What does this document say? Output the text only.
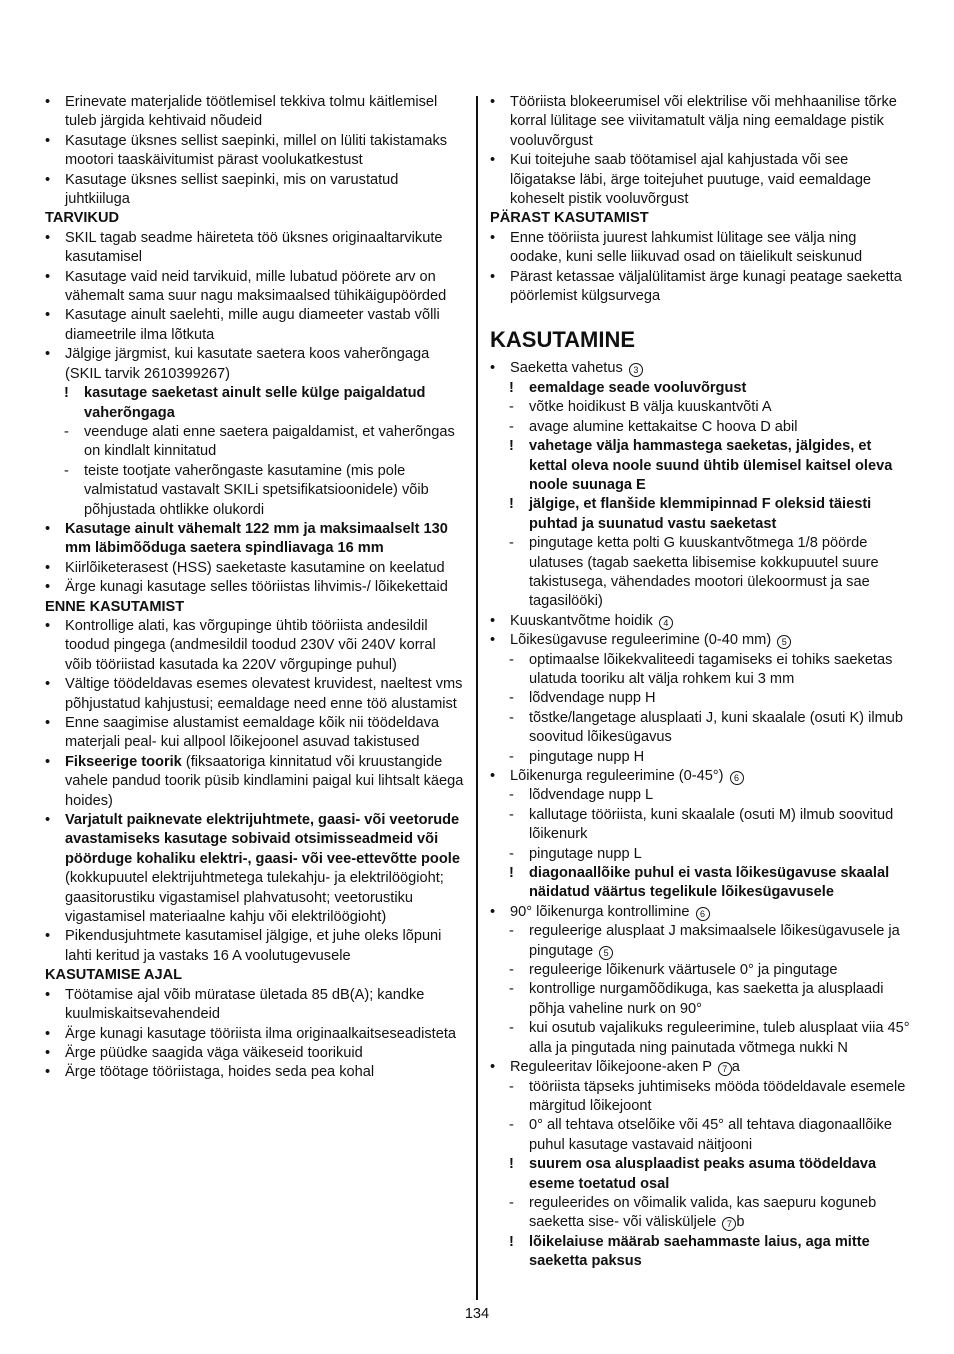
• Erinevate materjalide töötlemisel tekkiva tolmu käitlemisel tuleb järgida kehtivaid nõudeid
• Kasutage üksnes sellist saepinki, millel on lüliti takistamaks mootori taaskäivitumist pärast voolukatkestust
• Kasutage üksnes sellist saepinki, mis on varustatud juhtkiiluga
TARVIKUD
• SKIL tagab seadme häireteta töö üksnes originaaltarvikute kasutamisel
• Kasutage vaid neid tarvikuid, mille lubatud pöörete arv on vähemalt sama suur nagu maksimaalsed tühikäigupöörded
• Kasutage ainult saelehti, mille augu diameeter vastab võlli diameetrile ilma lõtkuta
• Jälgige järgmist, kui kasutate saetera koos vaherõngaga (SKIL tarvik 2610399267)
! kasutage saeketast ainult selle külge paigaldatud vaherõngaga
- veenduge alati enne saetera paigaldamist, et vaherõngas on kindlalt kinnitatud
- teiste tootjate vaherõngaste kasutamine (mis pole valmistatud vastavalt SKILi spetsifikatsioonidele) võib põhjustada ohtlikke olukordi
• Kasutage ainult vähemalt 122 mm ja maksimaalselt 130 mm läbimõõduga saetera spindliavaga 16 mm
• Kiirlõiketerasest (HSS) saeketaste kasutamine on keelatud
• Ärge kunagi kasutage selles tööriistas lihvimis-/ lõikekettaid
ENNE KASUTAMIST
• Kontrollige alati, kas võrgupinge ühtib tööriista andesildil toodud pingega (andmesildil toodud 230V või 240V korral võib tööriistad kasutada ka 220V võrgupinge puhul)
• Vältige töödeldavas esemes olevatest kruvidest, naeltest vms põhjustatud kahjustusi; eemaldage need enne töö alustamist
• Enne saagimise alustamist eemaldage kõik nii töödeldava materjali peal- kui allpool lõikejoonel asuvad takistused
• Fikseerige toorik (fiksaatoriga kinnitatud või kruustangide vahele pandud toorik püsib kindlamini paigal kui lihtsalt käega hoides)
• Varjatult paiknevate elektrijuhtmete, gaasi- või veetorude avastamiseks kasutage sobivaid otsimisseadmeid või pöörduge kohaliku elektri-, gaasi- või vee-ettevõtte poole (kokkupuutel elektrijuhtmetega tulekahju- ja elektrilöögioht; gaasitorustiku vigastamisel plahvatusoht; veetorustiku vigastamisel materiaalne kahju või elektrilöögioht)
• Pikendusjuhtmete kasutamisel jälgige, et juhe oleks lõpuni lahti keritud ja vastaks 16 A voolutugevusele
KASUTAMISE AJAL
• Töötamise ajal võib müratase ületada 85 dB(A); kandke kuulmiskaitsevahendeid
• Ärge kunagi kasutage tööriista ilma originaalkaitseseadisteta
• Ärge püüdke saagida väga väikeseid toorikuid
• Ärge töötage tööriistaga, hoides seda pea kohal
• Tööriista blokeerumisel või elektrilise või mehhaanilise tõrke korral lülitage see viivitamatult välja ning eemaldage pistik vooluvõrgust
• Kui toitejuhe saab töötamisel ajal kahjustada või see lõigatakse läbi, ärge toitejuhet puutuge, vaid eemaldage koheselt pistik vooluvõrgust
PÄRAST KASUTAMIST
• Enne tööriista juurest lahkumist lülitage see välja ning oodake, kuni selle liikuvad osad on täielikult seiskunud
• Pärast ketassae väljalülitamist ärge kunagi peatage saeketta pöörlemist külgsurvega
KASUTAMINE
• Saeketta vahetus 3
! eemaldage seade vooluvõrgust
- võtke hoidikust B välja kuuskantvõti A
- avage alumine kettakaitse C hoova D abil
! vahetage välja hammastega saeketas, jälgides, et kettal oleva noole suund ühtib ülemisel kaitsel oleva noole suunaga E
! jälgige, et flanšide klemmipinnad F oleksid täiesti puhtad ja suunatud vastu saeketast
- pingutage ketta polti G kuuskantvõtmega 1/8 pöörde ulatuses (tagab saeketta libisemise kokkupuutel suure takistusega, vähendades mootori ülekoormust ja sae tagasilööki)
• Kuuskantvõtme hoidik 4
• Lõikesügavuse reguleerimine (0-40 mm) 5
- optimaalse lõikekvaliteedi tagamiseks ei tohiks saeketas ulatuda tooriku alt välja rohkem kui 3 mm
- lõdvendage nupp H
- tõstke/langetage alusplaati J, kuni skaalale (osuti K) ilmub soovitud lõikesügavus
- pingutage nupp H
• Lõikenurga reguleerimine (0-45°) 6
- lõdvendage nupp L
- kallutage tööriista, kuni skaalale (osuti M) ilmub soovitud lõikenurk
- pingutage nupp L
! diagonaallõike puhul ei vasta lõikesügavuse skaalal näidatud väärtus tegelikule lõikesügavusele
• 90° lõikenurga kontrollimine 6
- reguleerige alusplaat J maksimaalsele lõikesügavusele ja pingutage 5
- reguleerige lõikenurk väärtusele 0° ja pingutage
- kontrollige nurgamõõdikuga, kas saeketta ja alusplaadi põhja vaheline nurk on 90°
- kui osutub vajalikuks reguleerimine, tuleb alusplaat viia 45° alla ja pingutada ning painutada võtmega nukki N
• Reguleeritav lõikejoone-aken P 7 a
- tööriista täpseks juhtimiseks mööda töödeldavale esemele märgitud lõikejoont
- 0° all tehtava otselõike või 45° all tehtava diagonaallõike puhul kasutage vastavaid näitjooni
! suurem osa alusplaadist peaks asuma töödeldava eseme toetatud osal
- reguleerides on võimalik valida, kas saepuru koguneb saeketta sise- või välisküljele 7 b
! lõikelaiuse määrab saehammaste laius, aga mitte saeketta paksus
134
